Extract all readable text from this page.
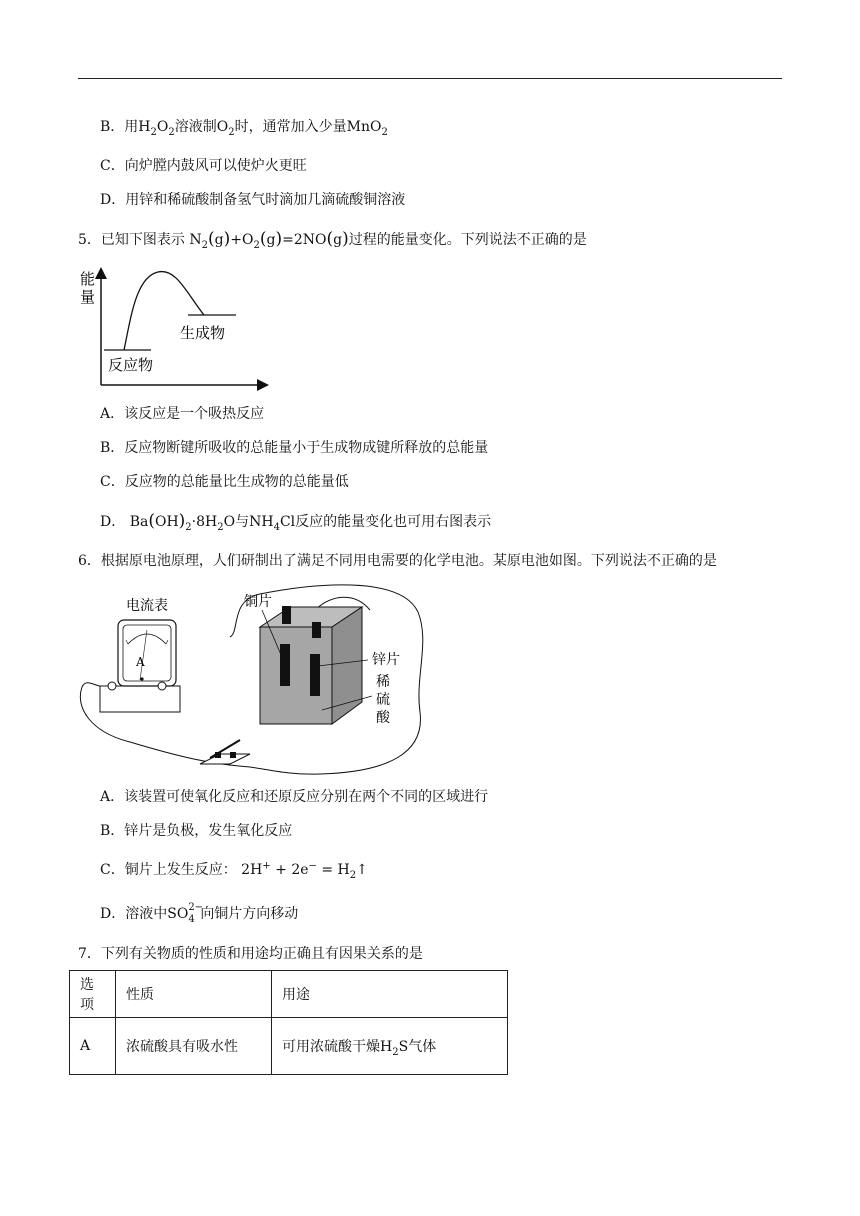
B．用$H_2O_2$溶液制$O_2$时，通常加入少量MnO$_2$
C．向炉膛内鼓风可以使炉火更旺
D．用锌和稀硫酸制备氢气时滴加几滴硫酸铜溶液
5．已知下图表示 $N_2(g)+O_2(g)=2NO(g)$过程的能量变化。下列说法不正确的是
能
量
生成物
反应物
A．该反应是一个吸热反应
B．反应物断键所吸收的总能量小于生成物成键所释放的总能量
C．反应物的总能量比生成物的总能量低
D． $Ba(OH)_2\cdot 8H_2O$与$NH_4Cl$反应的能量变化也可用右图表示
6．根据原电池原理，人们研制出了满足不同用电需要的化学电池。某原电池如图。下列说法不正确的是
A
电流表	铜片
锌片
稀
硫
酸
A．该装置可使氧化反应和还原反应分别在两个不同的区域进行
B．锌片是负极，发生氧化反应
C．铜片上发生反应： $2H^+ + 2e^- = H_2↑$
D．溶液中SO 2−
4 向铜片方向移动
7．下列有关物质的性质和用途均正确且有因果关系的是
选项	性质	用途
A	浓硫酸具有吸水性	可用浓硫酸干燥$H_2S$气体
